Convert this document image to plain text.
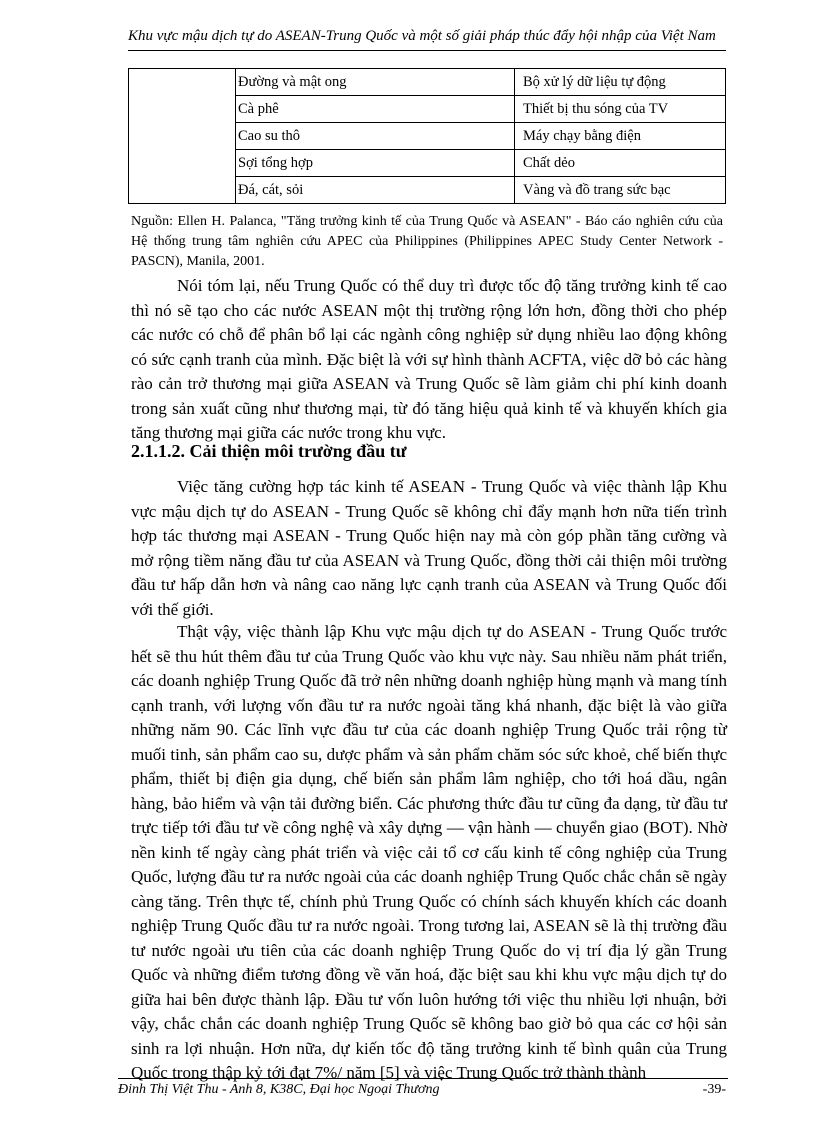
Khu vực mậu dịch tự do ASEAN-Trung Quốc và một số giải pháp thúc đẩy hội nhập của Việt Nam
	Đường và mật ong	Bộ xử lý dữ liệu tự động
	Cà phê	Thiết bị thu sóng của TV
	Cao su thô	Máy chạy bằng điện
	Sợi tổng hợp	Chất dẻo
	Đá, cát, sỏi	Vàng và đồ trang sức bạc
Nguồn: Ellen H. Palanca, "Tăng trưởng kinh tế của Trung Quốc và ASEAN" - Báo cáo nghiên cứu của Hệ thống trung tâm nghiên cứu APEC của Philippines (Philippines APEC Study Center Network - PASCN), Manila, 2001.

Nói tóm lại, nếu Trung Quốc có thể duy trì được tốc độ tăng trưởng kinh tế cao thì nó sẽ tạo cho các nước ASEAN một thị trường rộng lớn hơn, đồng thời cho phép các nước có chỗ để phân bổ lại các ngành công nghiệp sử dụng nhiều lao động không có sức cạnh tranh của mình. Đặc biệt là với sự hình thành ACFTA, việc dỡ bỏ các hàng rào cản trở thương mại giữa ASEAN và Trung Quốc sẽ làm giảm chi phí kinh doanh trong sản xuất cũng như thương mại, từ đó tăng hiệu quả kinh tế và khuyến khích gia tăng thương mại giữa các nước trong khu vực.

2.1.1.2. Cải thiện môi trường đầu tư

Việc tăng cường hợp tác kinh tế ASEAN - Trung Quốc và việc thành lập Khu vực mậu dịch tự do ASEAN - Trung Quốc sẽ không chỉ đẩy mạnh hơn nữa tiến trình hợp tác thương mại ASEAN - Trung Quốc hiện nay mà còn góp phần tăng cường và mở rộng tiềm năng đầu tư của ASEAN và Trung Quốc, đồng thời cải thiện môi trường đầu tư hấp dẫn hơn và nâng cao năng lực cạnh tranh của ASEAN và Trung Quốc đối với thế giới.

Thật vậy, việc thành lập Khu vực mậu dịch tự do ASEAN - Trung Quốc trước hết sẽ thu hút thêm đầu tư của Trung Quốc vào khu vực này. Sau nhiều năm phát triển, các doanh nghiệp Trung Quốc đã trở nên những doanh nghiệp hùng mạnh và mang tính cạnh tranh, với lượng vốn đầu tư ra nước ngoài tăng khá nhanh, đặc biệt là vào giữa những năm 90. Các lĩnh vực đầu tư của các doanh nghiệp Trung Quốc trải rộng từ muối tinh, sản phẩm cao su, dược phẩm và sản phẩm chăm sóc sức khoẻ, chế biến thực phẩm, thiết bị điện gia dụng, chế biến sản phẩm lâm nghiệp, cho tới hoá dầu, ngân hàng, bảo hiểm và vận tải đường biển. Các phương thức đầu tư cũng đa dạng, từ đầu tư trực tiếp tới đầu tư về công nghệ và xây dựng — vận hành — chuyển giao (BOT). Nhờ nền kinh tế ngày càng phát triển và việc cải tổ cơ cấu kinh tế công nghiệp của Trung Quốc, lượng đầu tư ra nước ngoài của các doanh nghiệp Trung Quốc chắc chắn sẽ ngày càng tăng. Trên thực tế, chính phủ Trung Quốc có chính sách khuyến khích các doanh nghiệp Trung Quốc đầu tư ra nước ngoài. Trong tương lai, ASEAN sẽ là thị trường đầu tư nước ngoài ưu tiên của các doanh nghiệp Trung Quốc do vị trí địa lý gần Trung Quốc và những điểm tương đồng về văn hoá, đặc biệt sau khi khu vực mậu dịch tự do giữa hai bên được thành lập. Đầu tư vốn luôn hướng tới việc thu nhiều lợi nhuận, bởi vậy, chắc chắn các doanh nghiệp Trung Quốc sẽ không bao giờ bỏ qua các cơ hội sản sinh ra lợi nhuận. Hơn nữa, dự kiến tốc độ tăng trưởng kinh tế bình quân của Trung Quốc trong thập kỷ tới đạt 7%/ năm [5] và việc Trung Quốc trở thành thành

Đinh Thị Việt Thu - Anh 8, K38C, Đại học Ngoại Thương	-39-
